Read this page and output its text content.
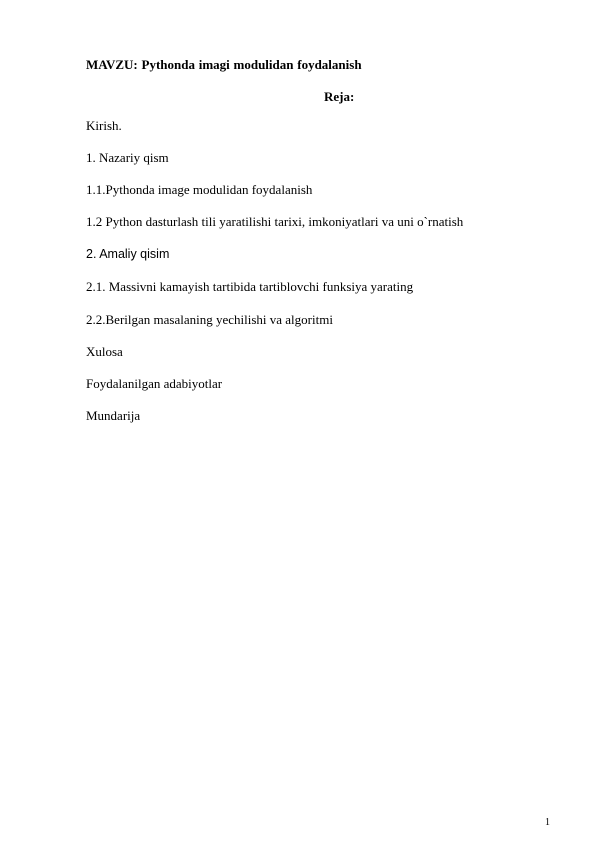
MAVZU: Pythonda imagi modulidan foydalanish
Reja:
Kirish.
1. Nazariy qism
1.1.Pythonda image modulidan foydalanish
1.2 Python dasturlash tili yaratilishi tarixi, imkoniyatlari va uni o`rnatish
2. Amaliy qisim
2.1. Massivni kamayish tartibida tartiblovchi funksiya yarating
2.2.Berilgan masalaning yechilishi va algoritmi
Xulosa
Foydalanilgan adabiyotlar
Mundarija
1
